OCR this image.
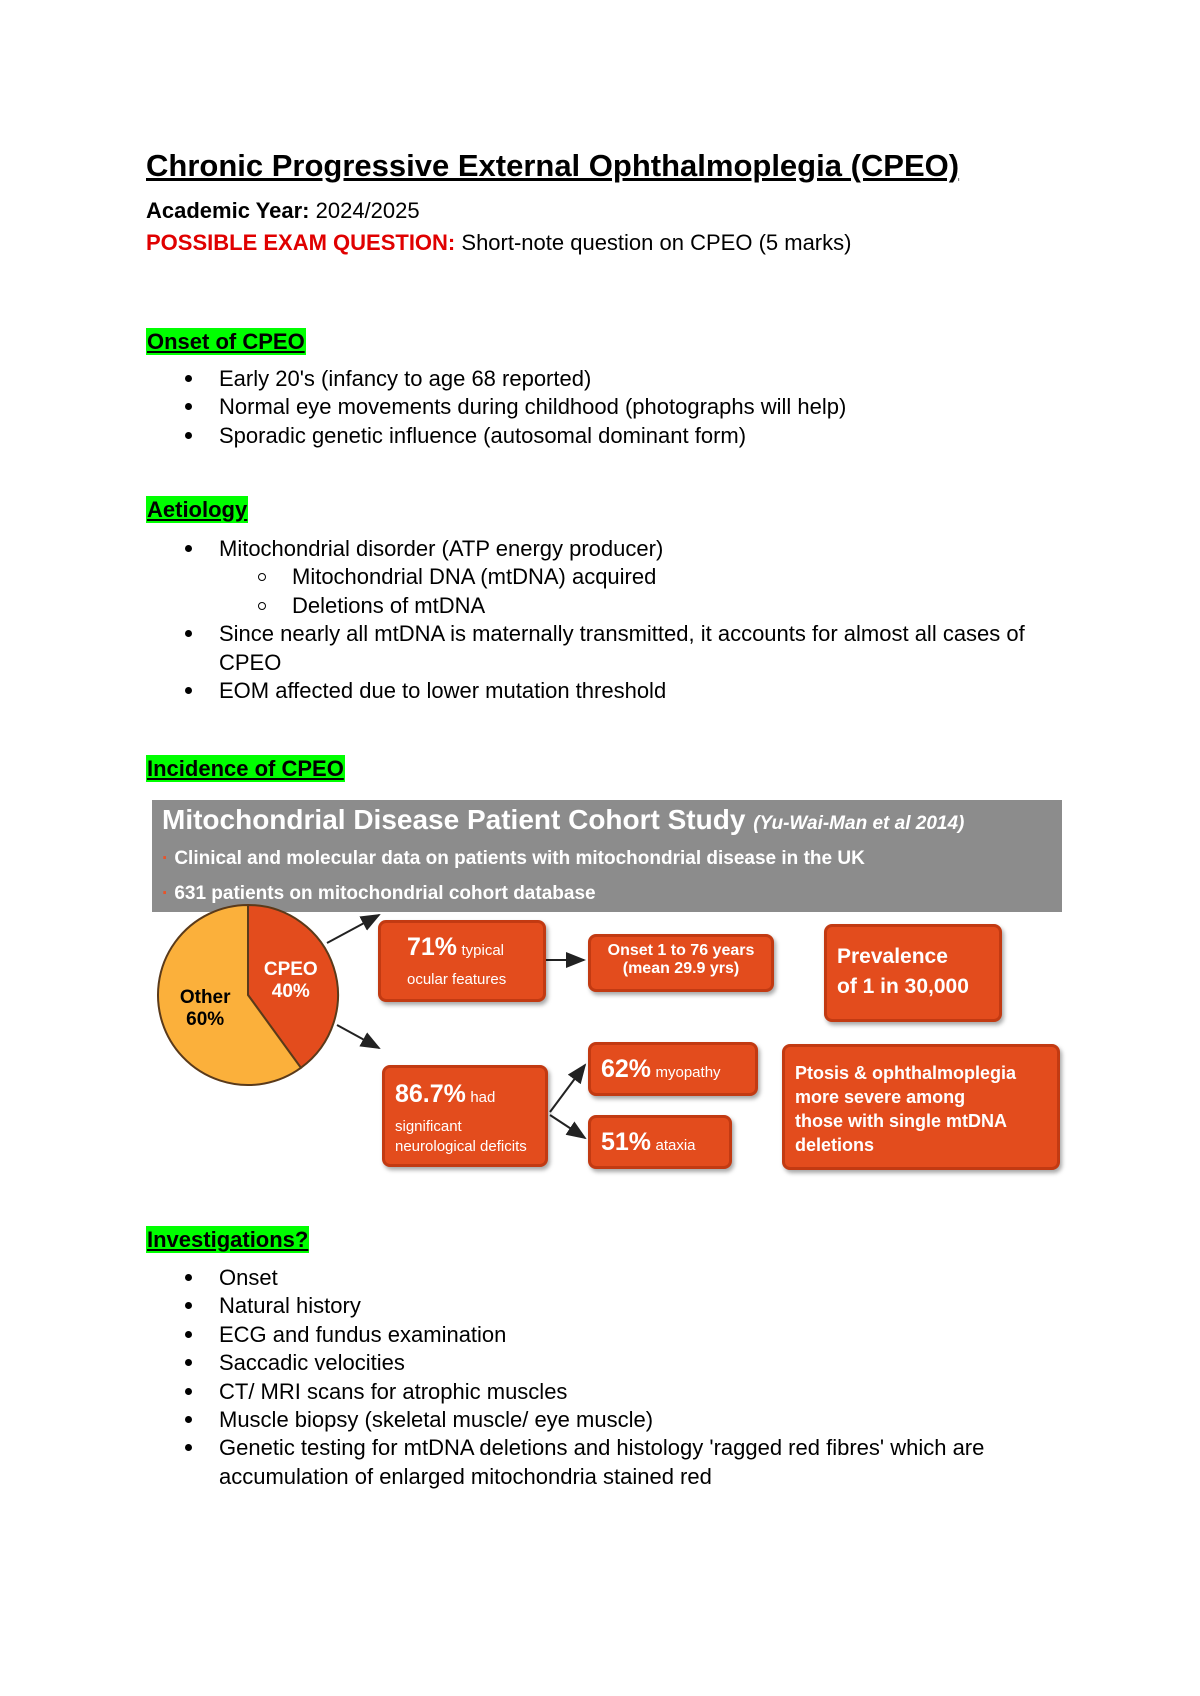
Chronic Progressive External Ophthalmoplegia (CPEO)
Academic Year: 2024/2025
POSSIBLE EXAM QUESTION: Short-note question on CPEO (5 marks)
Onset of CPEO
Early 20's (infancy to age 68 reported)
Normal eye movements during childhood (photographs will help)
Sporadic genetic influence (autosomal dominant form)
Aetiology
Mitochondrial disorder (ATP energy producer)
Mitochondrial DNA (mtDNA) acquired
Deletions of mtDNA
Since nearly all mtDNA is maternally transmitted, it accounts for almost all cases of CPEO
EOM affected due to lower mutation threshold
Incidence of CPEO
Mitochondrial Disease Patient Cohort Study (Yu-Wai-Man et al 2014)
· Clinical and molecular data on patients with mitochondrial disease in the UK
· 631 patients on mitochondrial cohort database
CPEO 40%
Other 60%
71% typical
ocular features
Onset 1 to 76 years
(mean 29.9 yrs)
Prevalence
of 1 in 30,000
86.7% had
significant
neurological deficits
62% myopathy
51% ataxia
Ptosis & ophthalmoplegia
more severe among
those with single mtDNA
deletions
Investigations?
Onset
Natural history
ECG and fundus examination
Saccadic velocities
CT/ MRI scans for atrophic muscles
Muscle biopsy (skeletal muscle/ eye muscle)
Genetic testing for mtDNA deletions and histology 'ragged red fibres' which are accumulation of enlarged mitochondria stained red
